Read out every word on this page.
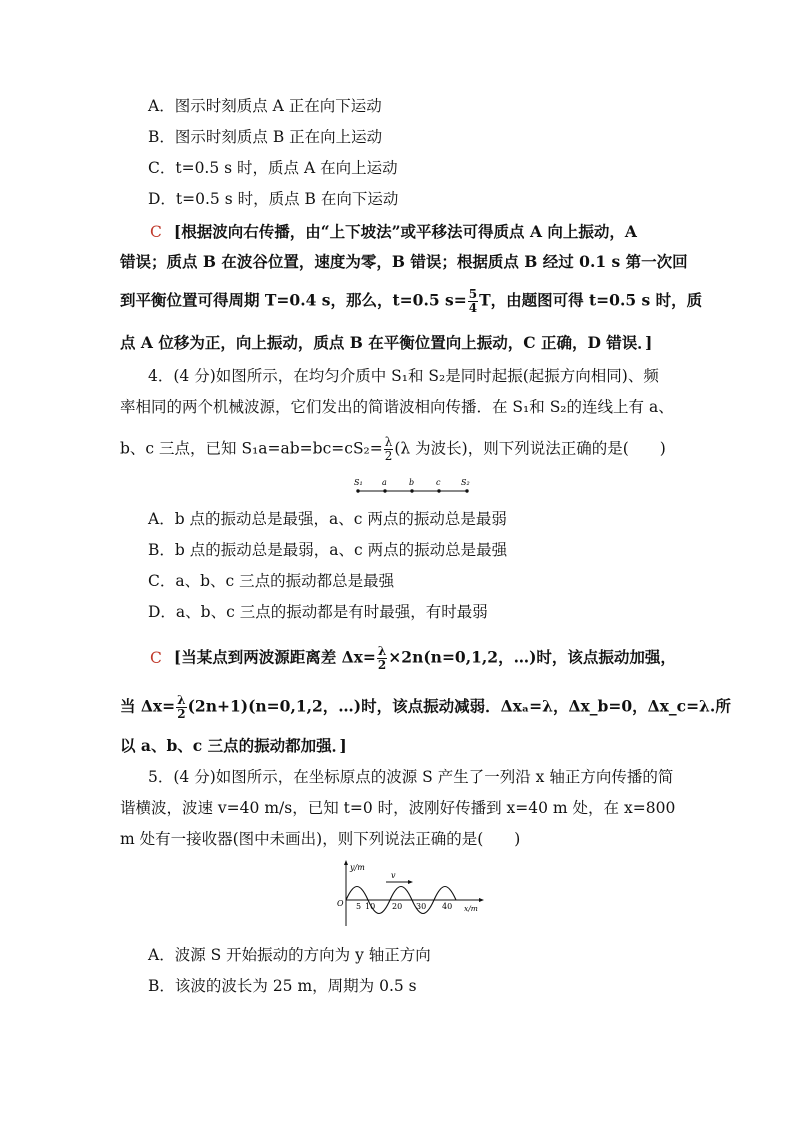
A．图示时刻质点 A 正在向下运动
B．图示时刻质点 B 正在向上运动
C．t=0.5 s 时，质点 A 在向上运动
D．t=0.5 s 时，质点 B 在向下运动
C [根据波向右传播，由“上下坡法”或平移法可得质点 A 向上振动，A
错误；质点 B 在波谷位置，速度为零，B 错误；根据质点 B 经过 0.1 s 第一次回
到平衡位置可得周期 T=0.4 s，那么，t=0.5 $s= \frac{5}{4}$ T，由题图可得 t=0.5 s 时，质
点 A 位移为正，向上振动，质点 B 在平衡位置向上振动，C 正确，D 错误．]
4．(4 分)如图所示，在均匀介质中 S₁和 S₂是同时起振(起振方向相同)、频
率相同的两个机械波源，它们发出的简谐波相向传播．在 S₁和 S₂的连线上有 a、
b、c 三点，已知 $S_1a=ab=bc=cS_2= \frac{\lambda}{2} (\lambda$ 为波长)，则下列说法正确的是(　　)
S₁ a	b	c	S₂
A．b 点的振动总是最强，a、c 两点的振动总是最弱
B．b 点的振动总是最弱，a、c 两点的振动总是最强
C．a、b、c 三点的振动都总是最强
D．a、b、c 三点的振动都是有时最强，有时最弱
C [当某点到两波源距离差 $\Delta x= \frac{\lambda}{2} \times 2n(n=0,1,2$，…)时，该点振动加强，
当 $\Delta x= \frac{\lambda}{2} (2n+1)(n=0,1,2$，…)时，该点振动减弱．Δxₐ=λ，Δx_b=0，Δx_c=λ.所
以 a、b、c 三点的振动都加强．]
5．(4 分)如图所示，在坐标原点的波源 S 产生了一列沿 x 轴正方向传播的简
谐横波，波速 v=40 m/s，已知 t=0 时，波刚好传播到 x=40 m 处，在 x=800
m 处有一接收器(图中未画出)，则下列说法正确的是(　　)
v
y/m
O
x/m
5 10 20 30 40
A．波源 S 开始振动的方向为 y 轴正方向
B．该波的波长为 25 m，周期为 0.5 s
